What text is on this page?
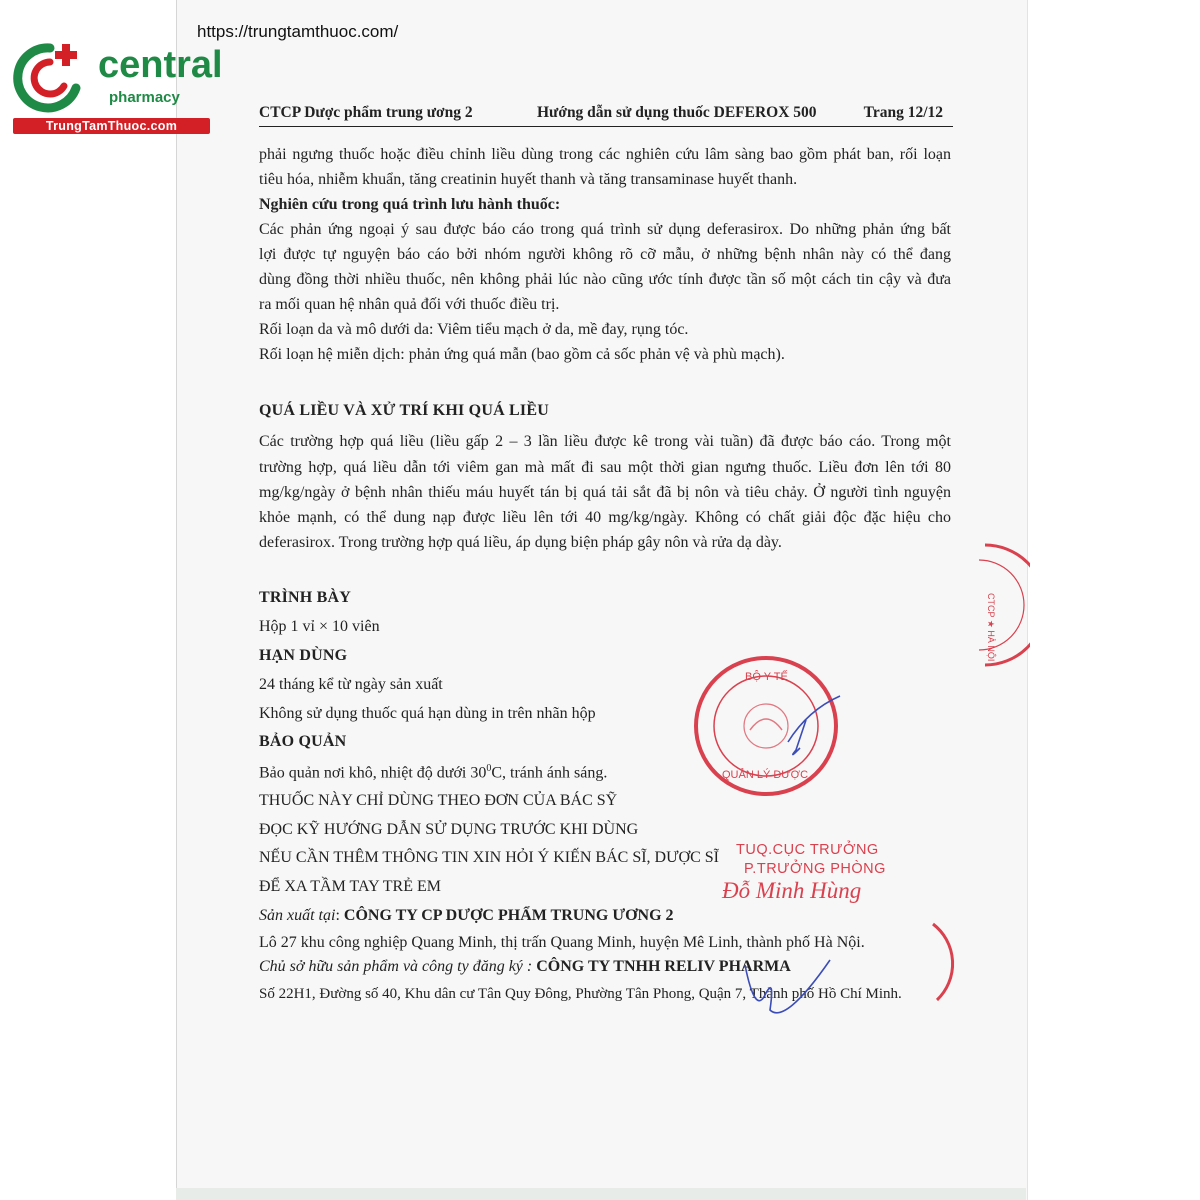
https://trungtamthuoc.com/
central
pharmacy
TrungTamThuoc.com
CTCP Dược phẩm trung ương 2	Hướng dẫn sử dụng thuốc DEFEROX 500	Trang 12/12
phải ngưng thuốc hoặc điều chỉnh liều dùng trong các nghiên cứu lâm sàng bao gồm phát ban, rối loạn
tiêu hóa, nhiễm khuẩn, tăng creatinin huyết thanh và tăng transaminase huyết thanh.
Nghiên cứu trong quá trình lưu hành thuốc:
Các phản ứng ngoại ý sau được báo cáo trong quá trình sử dụng deferasirox. Do những phản ứng bất
lợi được tự nguyện báo cáo bởi nhóm người không rõ cỡ mẫu, ở những bệnh nhân này có thể đang
dùng đồng thời nhiều thuốc, nên không phải lúc nào cũng ước tính được tần số một cách tin cậy và đưa
ra mối quan hệ nhân quả đối với thuốc điều trị.
Rối loạn da và mô dưới da: Viêm tiểu mạch ở da, mề đay, rụng tóc.
Rối loạn hệ miễn dịch: phản ứng quá mẫn (bao gồm cả sốc phản vệ và phù mạch).
QUÁ LIỀU VÀ XỬ TRÍ KHI QUÁ LIỀU
Các trường hợp quá liều (liều gấp 2 – 3 lần liều được kê trong vài tuần) đã được báo cáo. Trong một
trường hợp, quá liều dẫn tới viêm gan mà mất đi sau một thời gian ngưng thuốc. Liều đơn lên tới 80
mg/kg/ngày ở bệnh nhân thiếu máu huyết tán bị quá tải sắt đã bị nôn và tiêu chảy. Ở người tình nguyện
khỏe mạnh, có thể dung nạp được liều lên tới 40 mg/kg/ngày. Không có chất giải độc đặc hiệu cho
deferasirox. Trong trường hợp quá liều, áp dụng biện pháp gây nôn và rửa dạ dày.
TRÌNH BÀY
Hộp 1 vỉ × 10 viên
HẠN DÙNG
24 tháng kể từ ngày sản xuất
Không sử dụng thuốc quá hạn dùng in trên nhãn hộp
BẢO QUẢN
Bảo quản nơi khô, nhiệt độ dưới $30^0C$, tránh ánh sáng.
THUỐC NÀY CHỈ DÙNG THEO ĐƠN CỦA BÁC SỸ
ĐỌC KỸ HƯỚNG DẪN SỬ DỤNG TRƯỚC KHI DÙNG
NẾU CẦN THÊM THÔNG TIN XIN HỎI Ý KIẾN BÁC SĨ, DƯỢC SĨ
ĐỂ XA TẦM TAY TRẺ EM
Sản xuất tại: CÔNG TY CP DƯỢC PHẨM TRUNG ƯƠNG 2
Lô 27 khu công nghiệp Quang Minh, thị trấn Quang Minh, huyện Mê Linh, thành phố Hà Nội.
Chủ sở hữu sản phẩm và công ty đăng ký : CÔNG TY TNHH RELIV PHARMA
Số 22H1, Đường số 40, Khu dân cư Tân Quy Đông, Phường Tân Phong, Quận 7, Thành phố Hồ Chí Minh.
BỘ Y TẾ
QUẢN LÝ DƯỢC
CTCP ★ HÀ NỘI
TUQ.CỤC TRƯỞNG
P.TRƯỞNG PHÒNG
Đỗ Minh Hùng
